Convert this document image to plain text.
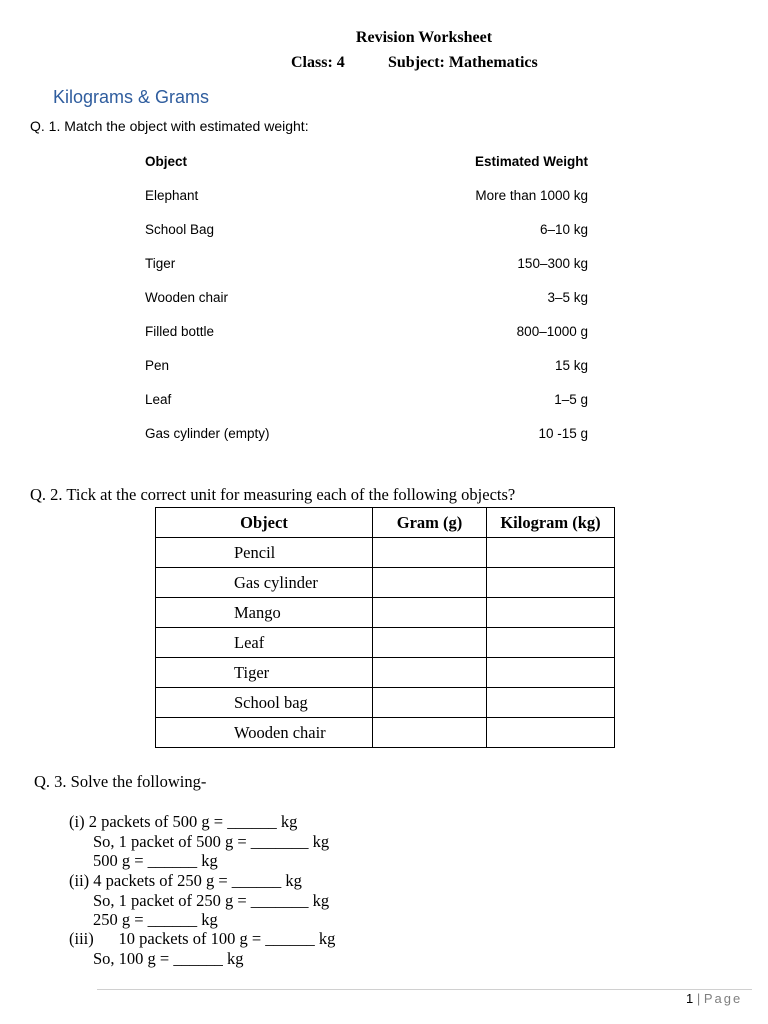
Revision Worksheet
Class: 4	Subject: Mathematics
Kilograms & Grams
Q. 1. Match the object with estimated weight:
Object	Estimated Weight
Elephant	More than 1000 kg
School Bag	6–10 kg
Tiger	150–300 kg
Wooden chair	3–5 kg
Filled bottle	800–1000 g
Pen	15 kg
Leaf	1–5 g
Gas cylinder (empty)	10 -15 g
Q. 2. Tick at the correct unit for measuring each of the following objects?
Object	Gram (g)	Kilogram (kg)
Pencil		
Gas cylinder		
Mango		
Leaf		
Tiger		
School bag		
Wooden chair		
Q. 3. Solve the following-
(i) 2 packets of 500 g = ______ kg
So, 1 packet of 500 g = _______ kg
500 g = ______ kg
(ii) 4 packets of 250 g = ______ kg
So, 1 packet of 250 g = _______ kg
250 g = ______ kg
(iii)      10 packets of 100 g = ______ kg
So, 100 g = ______ kg
1 | Page
